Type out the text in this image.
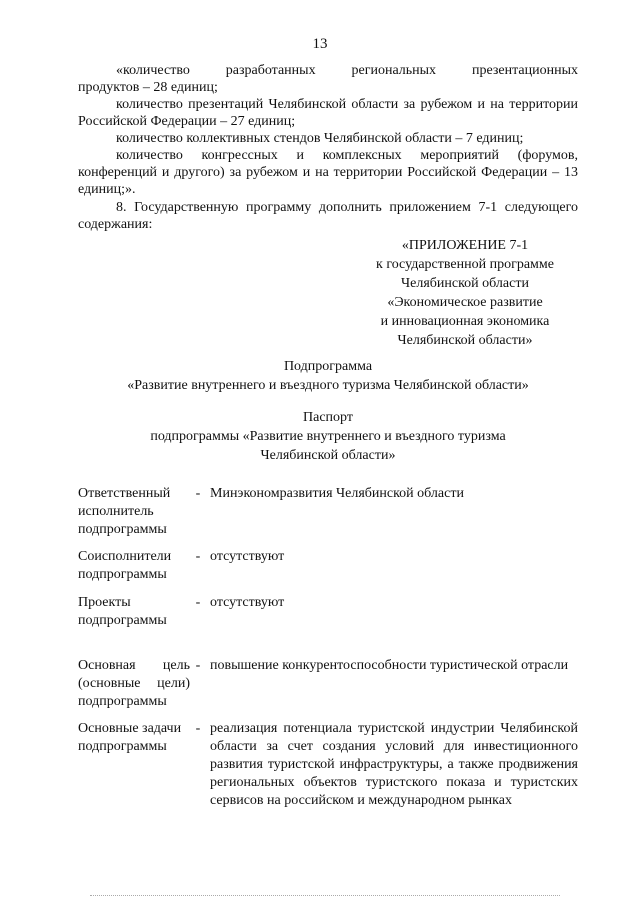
13
«количество разработанных региональных презентационных
продуктов – 28 единиц;
количество презентаций Челябинской области за рубежом и на территории Российской Федерации – 27 единиц;
количество коллективных стендов Челябинской области – 7 единиц;
количество конгрессных и комплексных мероприятий (форумов, конференций и другого) за рубежом и на территории Российской Федерации – 13 единиц;».
8. Государственную программу дополнить приложением 7-1 следующего содержания:
«ПРИЛОЖЕНИЕ 7-1
к государственной программе
Челябинской области
«Экономическое развитие
и инновационная экономика
Челябинской области»
Подпрограмма
«Развитие внутреннего и въездного туризма Челябинской области»
Паспорт
подпрограммы «Развитие внутреннего и въездного туризма
Челябинской области»
Ответственный исполнитель подпрограммы
- Минэкономразвития Челябинской области
Соисполнители подпрограммы
- отсутствуют
Проекты подпрограммы
- отсутствуют
Основная цель (основные цели) подпрограммы
- повышение конкурентоспособности туристической отрасли
Основные задачи подпрограммы
- реализация потенциала туристской индустрии Челябинской области за счет создания условий для инвестиционного развития туристской инфраструктуры, а также продвижения региональных объектов туристского показа и туристских сервисов на российском и международном рынках
